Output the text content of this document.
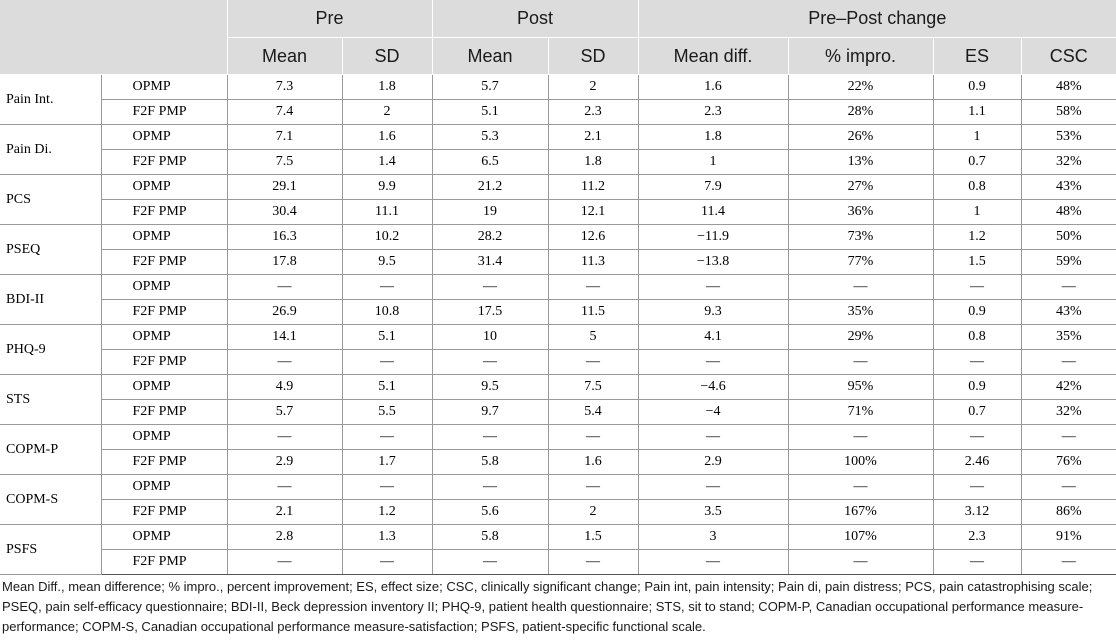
		Pre		Post		Pre–Post change			
		Mean	SD	Mean	SD	Mean diff.	% impro.	ES	CSC
Pain Int.	OPMP	7.3	1.8	5.7	2	1.6	22%	0.9	48%
	F2F PMP	7.4	2	5.1	2.3	2.3	28%	1.1	58%
Pain Di.	OPMP	7.1	1.6	5.3	2.1	1.8	26%	1	53%
	F2F PMP	7.5	1.4	6.5	1.8	1	13%	0.7	32%
PCS	OPMP	29.1	9.9	21.2	11.2	7.9	27%	0.8	43%
	F2F PMP	30.4	11.1	19	12.1	11.4	36%	1	48%
PSEQ	OPMP	16.3	10.2	28.2	12.6	−11.9	73%	1.2	50%
	F2F PMP	17.8	9.5	31.4	11.3	−13.8	77%	1.5	59%
BDI-II	OPMP	—	—	—	—	—	—	—	—
	F2F PMP	26.9	10.8	17.5	11.5	9.3	35%	0.9	43%
PHQ-9	OPMP	14.1	5.1	10	5	4.1	29%	0.8	35%
	F2F PMP	—	—	—	—	—	—	—	—
STS	OPMP	4.9	5.1	9.5	7.5	−4.6	95%	0.9	42%
	F2F PMP	5.7	5.5	9.7	5.4	−4	71%	0.7	32%
COPM-P	OPMP	—	—	—	—	—	—	—	—
	F2F PMP	2.9	1.7	5.8	1.6	2.9	100%	2.46	76%
COPM-S	OPMP	—	—	—	—	—	—	—	—
	F2F PMP	2.1	1.2	5.6	2	3.5	167%	3.12	86%
PSFS	OPMP	2.8	1.3	5.8	1.5	3	107%	2.3	91%
	F2F PMP	—	—	—	—	—	—	—	—

Mean Diff., mean difference; % impro., percent improvement; ES, effect size; CSC, clinically significant change; Pain int, pain intensity; Pain di, pain distress; PCS, pain catastrophising scale; PSEQ, pain self-efficacy questionnaire; BDI-II, Beck depression inventory II; PHQ-9, patient health questionnaire; STS, sit to stand; COPM-P, Canadian occupational performance measure-performance; COPM-S, Canadian occupational performance measure-satisfaction; PSFS, patient-specific functional scale.
